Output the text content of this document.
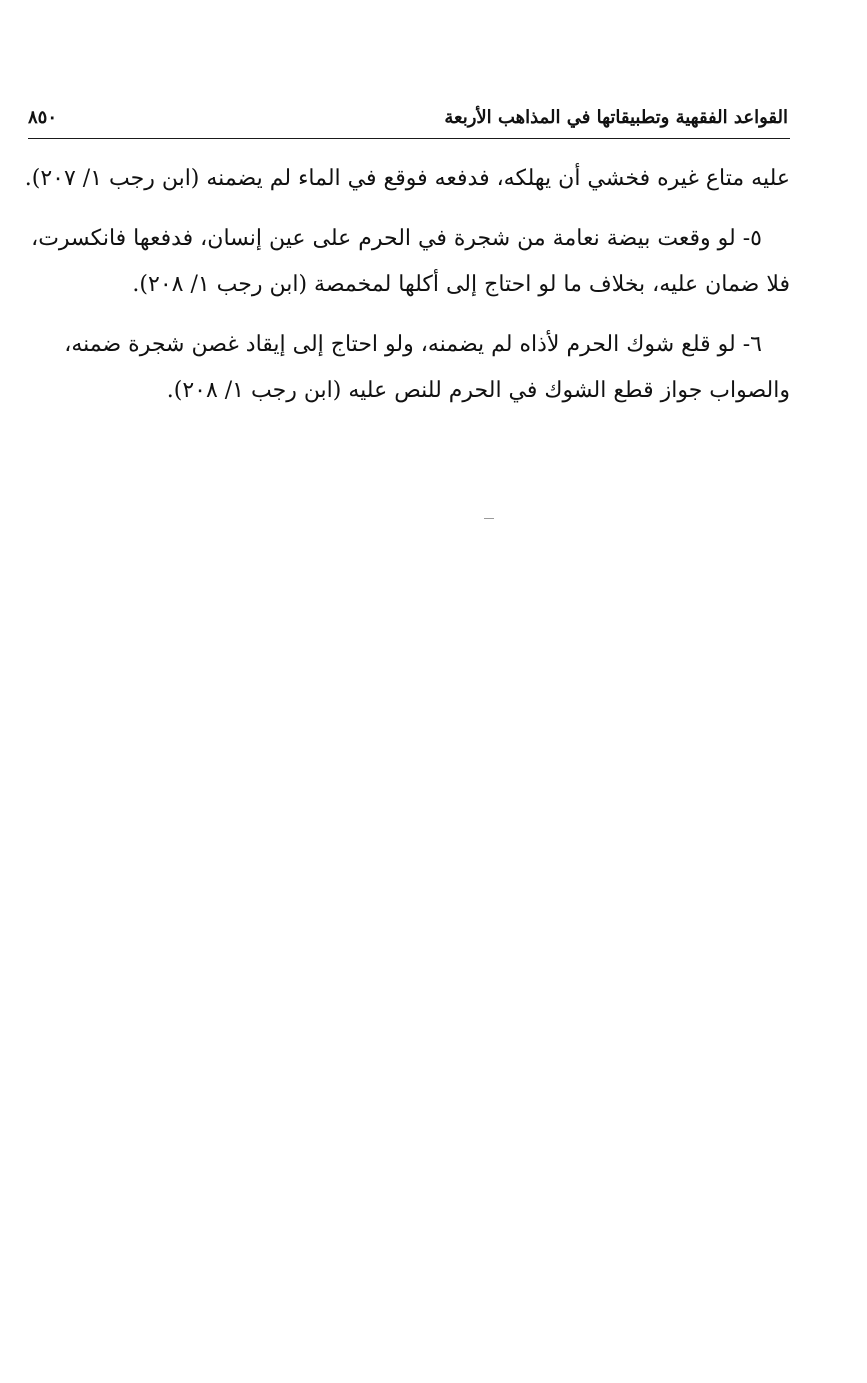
القواعد الفقهية وتطبيقاتها في المذاهب الأربعة
٨٥٠

عليه متاع غيره فخشي أن يهلكه، فدفعه فوقع في الماء لم يضمنه (ابن رجب ١/ ٢٠٧).

٥- لو وقعت بيضة نعامة من شجرة في الحرم على عين إنسان، فدفعها فانكسرت،
فلا ضمان عليه، بخلاف ما لو احتاج إلى أكلها لمخمصة (ابن رجب ١/ ٢٠٨).

٦- لو قلع شوك الحرم لأذاه لم يضمنه، ولو احتاج إلى إيقاد غصن شجرة ضمنه،
والصواب جواز قطع الشوك في الحرم للنص عليه (ابن رجب ١/ ٢٠٨).
